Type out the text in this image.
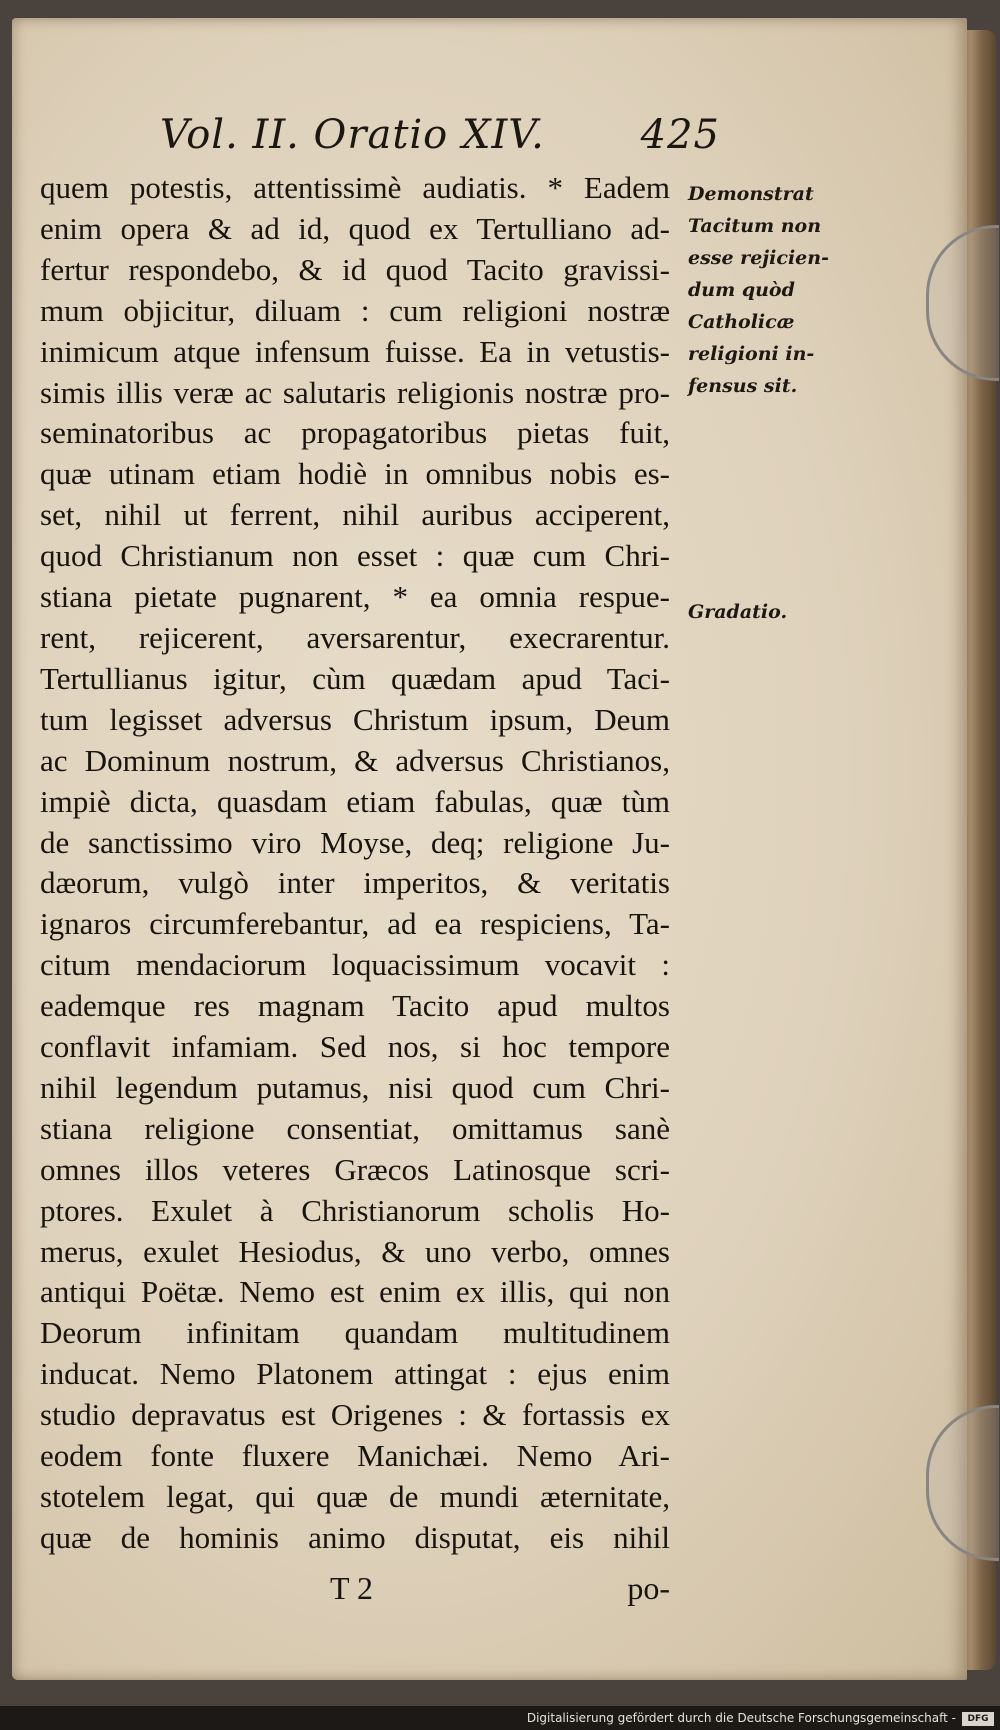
Vol. II. Oratio XIV. 425
quem potestis, attentissimè audiatis. * Eadem
enim opera & ad id, quod ex Tertulliano ad-
fertur respondebo, & id quod Tacito gravissi-
mum objicitur, diluam : cum religioni nostræ
inimicum atque infensum fuisse. Ea in vetustis-
simis illis veræ ac salutaris religionis nostræ pro-
seminatoribus ac propagatoribus pietas fuit,
quæ utinam etiam hodiè in omnibus nobis es-
set, nihil ut ferrent, nihil auribus acciperent,
quod Christianum non esset : quæ cum Chri-
stiana pietate pugnarent, * ea omnia respue-
rent, rejicerent, aversarentur, execrarentur.
Tertullianus igitur, cùm quædam apud Taci-
tum legisset adversus Christum ipsum, Deum
ac Dominum nostrum, & adversus Christianos,
impiè dicta, quasdam etiam fabulas, quæ tùm
de sanctissimo viro Moyse, deq; religione Ju-
dæorum, vulgò inter imperitos, & veritatis
ignaros circumferebantur, ad ea respiciens, Ta-
citum mendaciorum loquacissimum vocavit :
eademque res magnam Tacito apud multos
conflavit infamiam. Sed nos, si hoc tempore
nihil legendum putamus, nisi quod cum Chri-
stiana religione consentiat, omittamus sanè
omnes illos veteres Græcos Latinosque scri-
ptores. Exulet à Christianorum scholis Ho-
merus, exulet Hesiodus, & uno verbo, omnes
antiqui Poëtæ. Nemo est enim ex illis, qui non
Deorum infinitam quandam multitudinem
inducat. Nemo Platonem attingat : ejus enim
studio depravatus est Origenes : & fortassis ex
eodem fonte fluxere Manichæi. Nemo Ari-
stotelem legat, qui quæ de mundi æternitate,
quæ de hominis animo disputat, eis nihil
Demonstrat
Tacitum non
esse rejicien-
dum quòd
Catholicæ
religioni in-
fensus sit.
Gradatio.
T 2	po-
Digitalisierung gefördert durch die Deutsche Forschungsgemeinschaft - DFG
